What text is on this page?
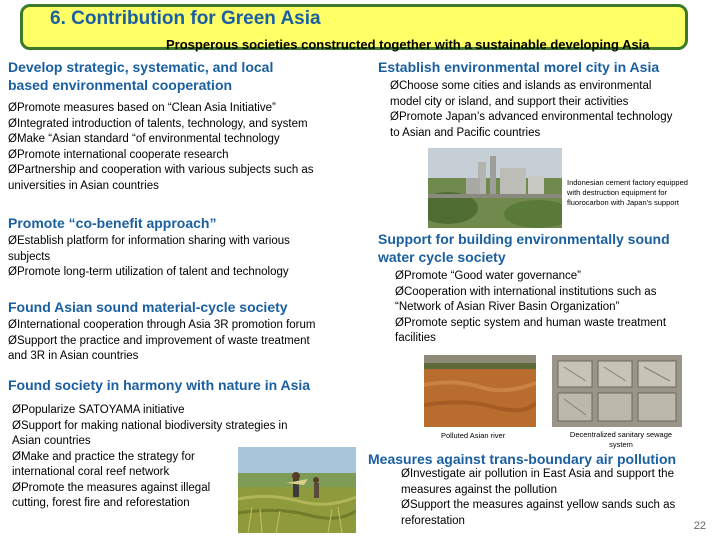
6. Contribution for Green Asia
Prosperous societies constructed together with a sustainable developing Asia
Develop strategic, systematic, and local
based environmental cooperation
ØPromote measures based on “Clean Asia Initiative”
ØIntegrated introduction of talents, technology, and system
ØMake “Asian standard “of environmental technology
ØPromote international cooperate research
ØPartnership and cooperation with various subjects such as
universities in Asian countries
Promote “co-benefit approach”
ØEstablish platform for information sharing with various
subjects
ØPromote long-term utilization of talent and technology
Found Asian sound material-cycle society
ØInternational cooperation through Asia 3R promotion forum
ØSupport the practice and improvement of waste treatment
and 3R in Asian countries
Found society in harmony with nature in Asia
ØPopularize SATOYAMA initiative
ØSupport for making national biodiversity strategies in
Asian countries
ØMake and practice the strategy for
international coral reef network
ØPromote the measures against illegal
cutting, forest fire and reforestation
Establish environmental morel city in Asia
ØChoose some cities and islands as environmental
model city or island, and support their activities
ØPromote Japan’s advanced environmental technology
to Asian and Pacific countries
Indonesian cement factory equipped
with destruction equipment for
fluorocarbon with Japan’s support
Support for building environmentally sound
water cycle society
ØPromote “Good water governance”
ØCooperation with international institutions such as
“Network of Asian River Basin Organization”
ØPromote septic system and human waste treatment
facilities
Polluted Asian river	Decentralized sanitary sewage
system
Measures against trans-boundary air pollution
ØInvestigate air pollution in East Asia and support the
measures against the pollution
ØSupport the measures against yellow sands such as
reforestation	22
